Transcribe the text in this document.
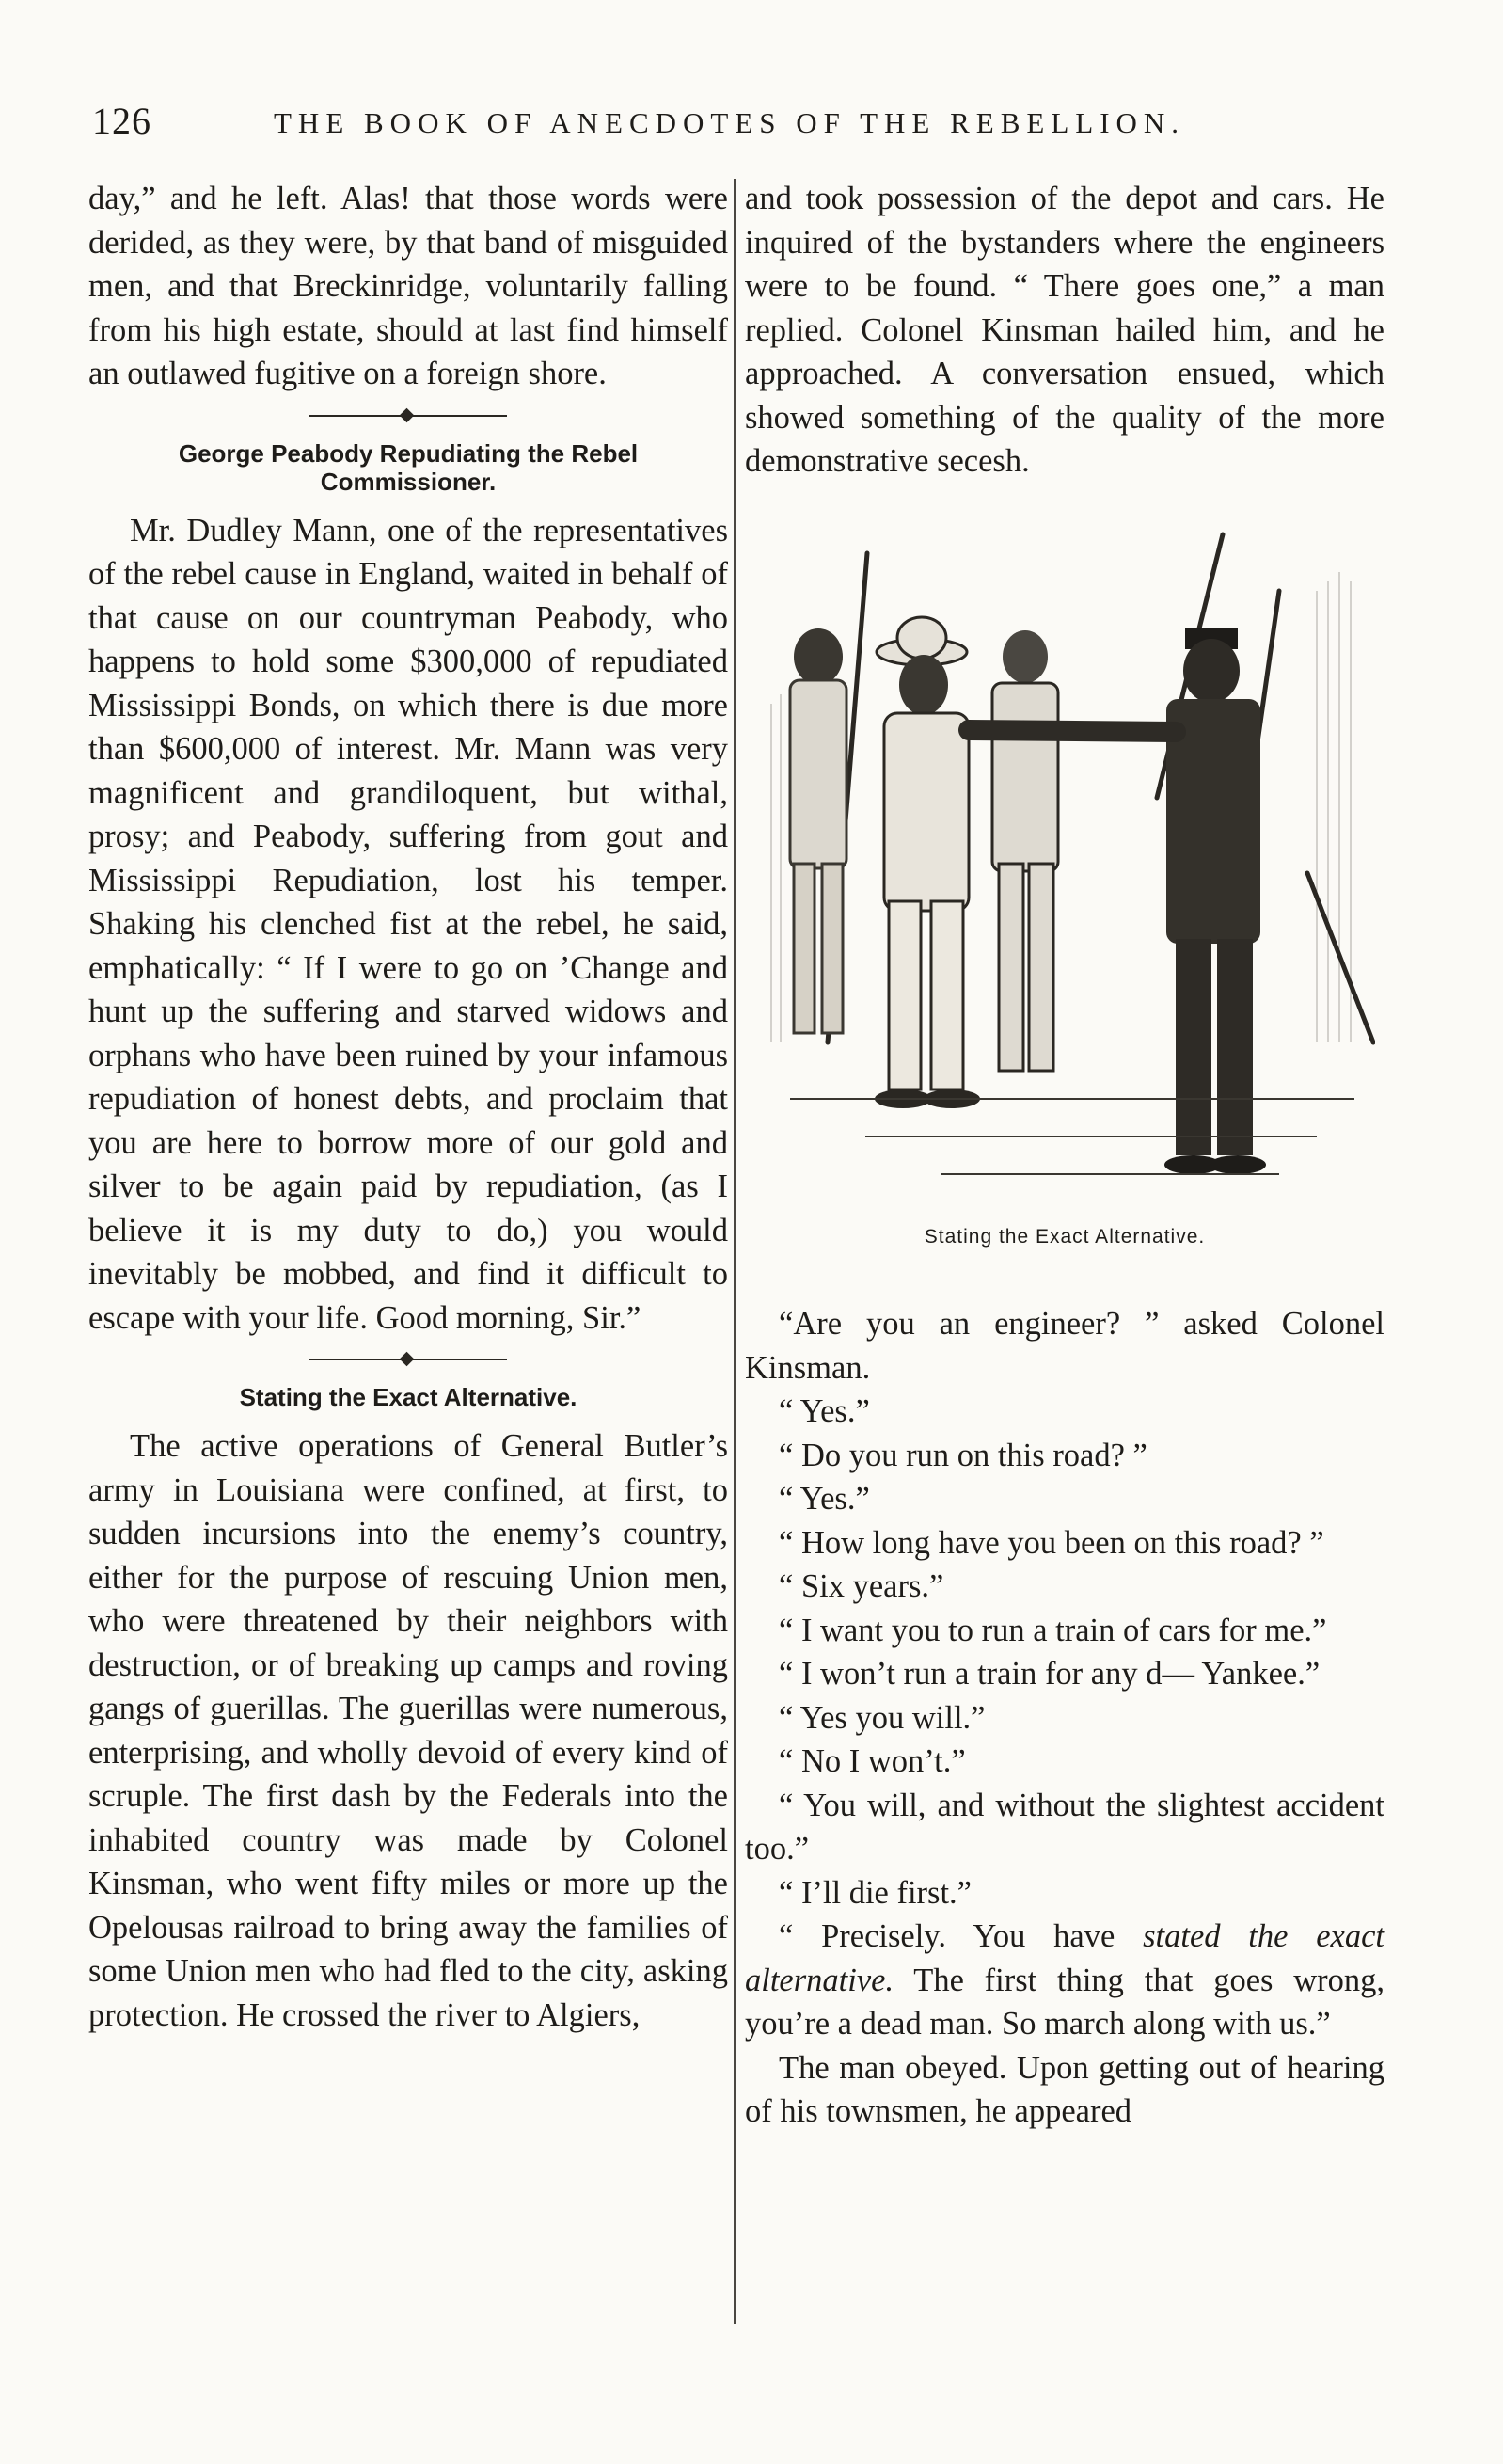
126	THE BOOK OF ANECDOTES OF THE REBELLION.

day,” and he left. Alas! that those words were derided, as they were, by that band of misguided men, and that Breckinridge, voluntarily falling from his high estate, should at last find himself an outlawed fugitive on a foreign shore.

George Peabody Repudiating the Rebel Commissioner.

Mr. Dudley Mann, one of the representatives of the rebel cause in England, waited in behalf of that cause on our countryman Peabody, who happens to hold some $300,000 of repudiated Mississippi Bonds, on which there is due more than $600,000 of interest. Mr. Mann was very magnificent and grandiloquent, but withal, prosy; and Peabody, suffering from gout and Mississippi Repudiation, lost his temper. Shaking his clenched fist at the rebel, he said, emphatically: “ If I were to go on ’Change and hunt up the suffering and starved widows and orphans who have been ruined by your infamous repudiation of honest debts, and proclaim that you are here to borrow more of our gold and silver to be again paid by repudiation, (as I believe it is my duty to do,) you would inevitably be mobbed, and find it difficult to escape with your life. Good morning, Sir.”

Stating the Exact Alternative.

The active operations of General Butler’s army in Louisiana were confined, at first, to sudden incursions into the enemy’s country, either for the purpose of rescuing Union men, who were threatened by their neighbors with destruction, or of breaking up camps and roving gangs of guerillas. The guerillas were numerous, enterprising, and wholly devoid of every kind of scruple. The first dash by the Federals into the inhabited country was made by Colonel Kinsman, who went fifty miles or more up the Opelousas railroad to bring away the families of some Union men who had fled to the city, asking protection. He crossed the river to Algiers,

and took possession of the depot and cars. He inquired of the bystanders where the engineers were to be found. “ There goes one,” a man replied. Colonel Kinsman hailed him, and he approached. A conversation ensued, which showed something of the quality of the more demonstrative secesh.

Stating the Exact Alternative.

“Are you an engineer? ” asked Colonel Kinsman.

“ Yes.”

“ Do you run on this road? ”

“ Yes.”

“ How long have you been on this road? ”

“ Six years.”

“ I want you to run a train of cars for me.”

“ I won’t run a train for any d— Yankee.”

“ Yes you will.”

“ No I won’t.”

“ You will, and without the slightest accident too.”

“ I’ll die first.”

“ Precisely. You have stated the exact alternative. The first thing that goes wrong, you’re a dead man. So march along with us.”

The man obeyed. Upon getting out of hearing of his townsmen, he appeared
